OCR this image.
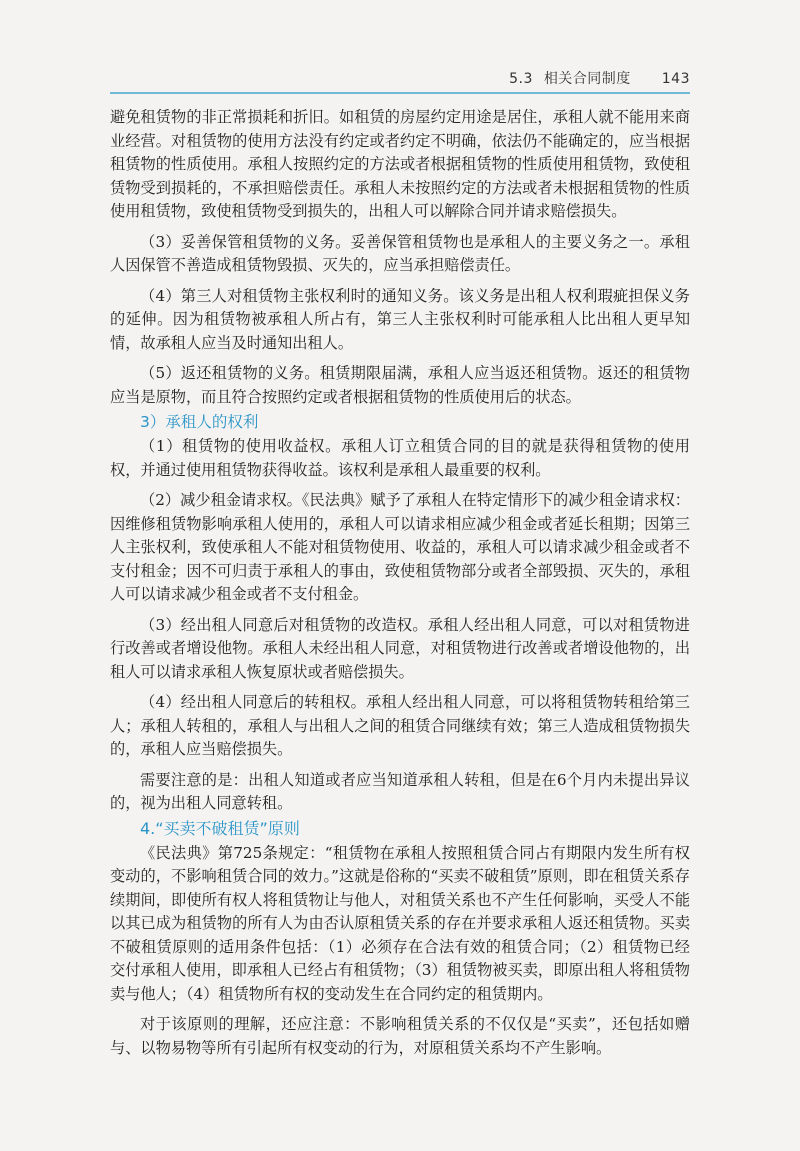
5.3 相关合同制度 143

避免租赁物的非正常损耗和折旧。如租赁的房屋约定用途是居住，承租人就不能用来商业经营。对租赁物的使用方法没有约定或者约定不明确，依法仍不能确定的，应当根据租赁物的性质使用。承租人按照约定的方法或者根据租赁物的性质使用租赁物，致使租赁物受到损耗的，不承担赔偿责任。承租人未按照约定的方法或者未根据租赁物的性质使用租赁物，致使租赁物受到损失的，出租人可以解除合同并请求赔偿损失。

（3）妥善保管租赁物的义务。妥善保管租赁物也是承租人的主要义务之一。承租人因保管不善造成租赁物毁损、灭失的，应当承担赔偿责任。

（4）第三人对租赁物主张权利时的通知义务。该义务是出租人权利瑕疵担保义务的延伸。因为租赁物被承租人所占有，第三人主张权利时可能承租人比出租人更早知情，故承租人应当及时通知出租人。

（5）返还租赁物的义务。租赁期限届满，承租人应当返还租赁物。返还的租赁物应当是原物，而且符合按照约定或者根据租赁物的性质使用后的状态。

3）承租人的权利

（1）租赁物的使用收益权。承租人订立租赁合同的目的就是获得租赁物的使用权，并通过使用租赁物获得收益。该权利是承租人最重要的权利。

（2）减少租金请求权。《民法典》赋予了承租人在特定情形下的减少租金请求权：因维修租赁物影响承租人使用的，承租人可以请求相应减少租金或者延长租期；因第三人主张权利，致使承租人不能对租赁物使用、收益的，承租人可以请求减少租金或者不支付租金；因不可归责于承租人的事由，致使租赁物部分或者全部毁损、灭失的，承租人可以请求减少租金或者不支付租金。

（3）经出租人同意后对租赁物的改造权。承租人经出租人同意，可以对租赁物进行改善或者增设他物。承租人未经出租人同意，对租赁物进行改善或者增设他物的，出租人可以请求承租人恢复原状或者赔偿损失。

（4）经出租人同意后的转租权。承租人经出租人同意，可以将租赁物转租给第三人；承租人转租的，承租人与出租人之间的租赁合同继续有效；第三人造成租赁物损失的，承租人应当赔偿损失。

需要注意的是：出租人知道或者应当知道承租人转租，但是在6个月内未提出异议的，视为出租人同意转租。

4.“买卖不破租赁”原则

《民法典》第725条规定：“租赁物在承租人按照租赁合同占有期限内发生所有权变动的，不影响租赁合同的效力。”这就是俗称的“买卖不破租赁”原则，即在租赁关系存续期间，即使所有权人将租赁物让与他人，对租赁关系也不产生任何影响，买受人不能以其已成为租赁物的所有人为由否认原租赁关系的存在并要求承租人返还租赁物。买卖不破租赁原则的适用条件包括：（1）必须存在合法有效的租赁合同；（2）租赁物已经交付承租人使用，即承租人已经占有租赁物；（3）租赁物被买卖，即原出租人将租赁物卖与他人；（4）租赁物所有权的变动发生在合同约定的租赁期内。

对于该原则的理解，还应注意：不影响租赁关系的不仅仅是“买卖”，还包括如赠与、以物易物等所有引起所有权变动的行为，对原租赁关系均不产生影响。
